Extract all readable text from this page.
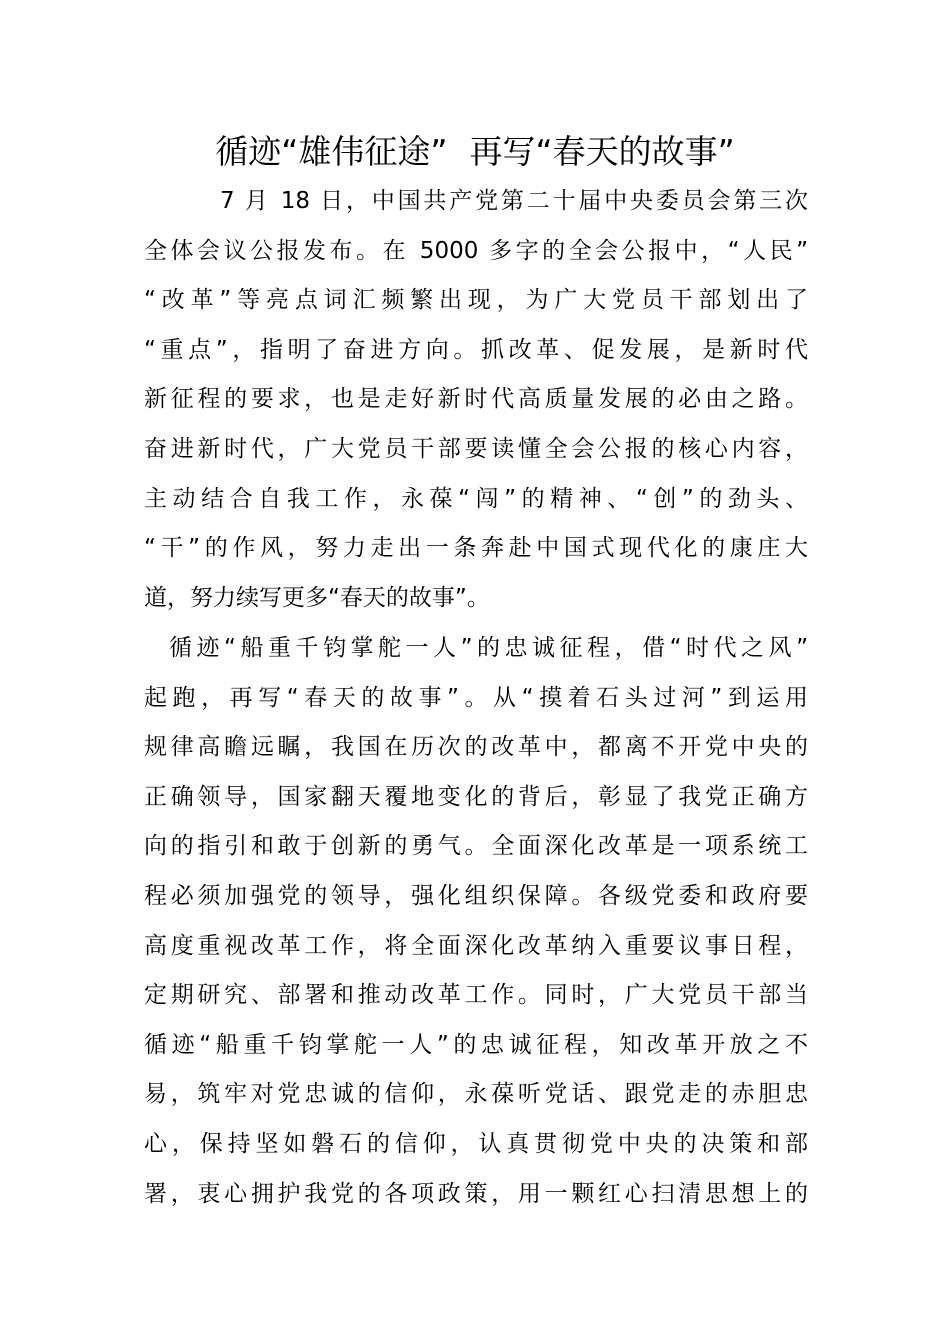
循迹“雄伟征途” 再写“春天的故事”
7 月 18 日，中国共产党第二十届中央委员会第三次
全体会议公报发布。在 5000 多字的全会公报中，“人民”
“改革”等亮点词汇频繁出现，为广大党员干部划出了
“重点”，指明了奋进方向。抓改革、促发展，是新时代
新征程的要求，也是走好新时代高质量发展的必由之路。
奋进新时代，广大党员干部要读懂全会公报的核心内容，
主动结合自我工作，永葆“闯”的精神、“创”的劲头、
“干”的作风，努力走出一条奔赴中国式现代化的康庄大
道，努力续写更多“春天的故事”。
循迹“船重千钧掌舵一人”的忠诚征程，借“时代之风”
起跑，再写“春天的故事”。从“摸着石头过河”到运用
规律高瞻远瞩，我国在历次的改革中，都离不开党中央的
正确领导，国家翻天覆地变化的背后，彰显了我党正确方
向的指引和敢于创新的勇气。全面深化改革是一项系统工
程必须加强党的领导，强化组织保障。各级党委和政府要
高度重视改革工作，将全面深化改革纳入重要议事日程，
定期研究、部署和推动改革工作。同时，广大党员干部当
循迹“船重千钧掌舵一人”的忠诚征程，知改革开放之不
易，筑牢对党忠诚的信仰，永葆听党话、跟党走的赤胆忠
心，保持坚如磐石的信仰，认真贯彻党中央的决策和部
署，衷心拥护我党的各项政策，用一颗红心扫清思想上的
